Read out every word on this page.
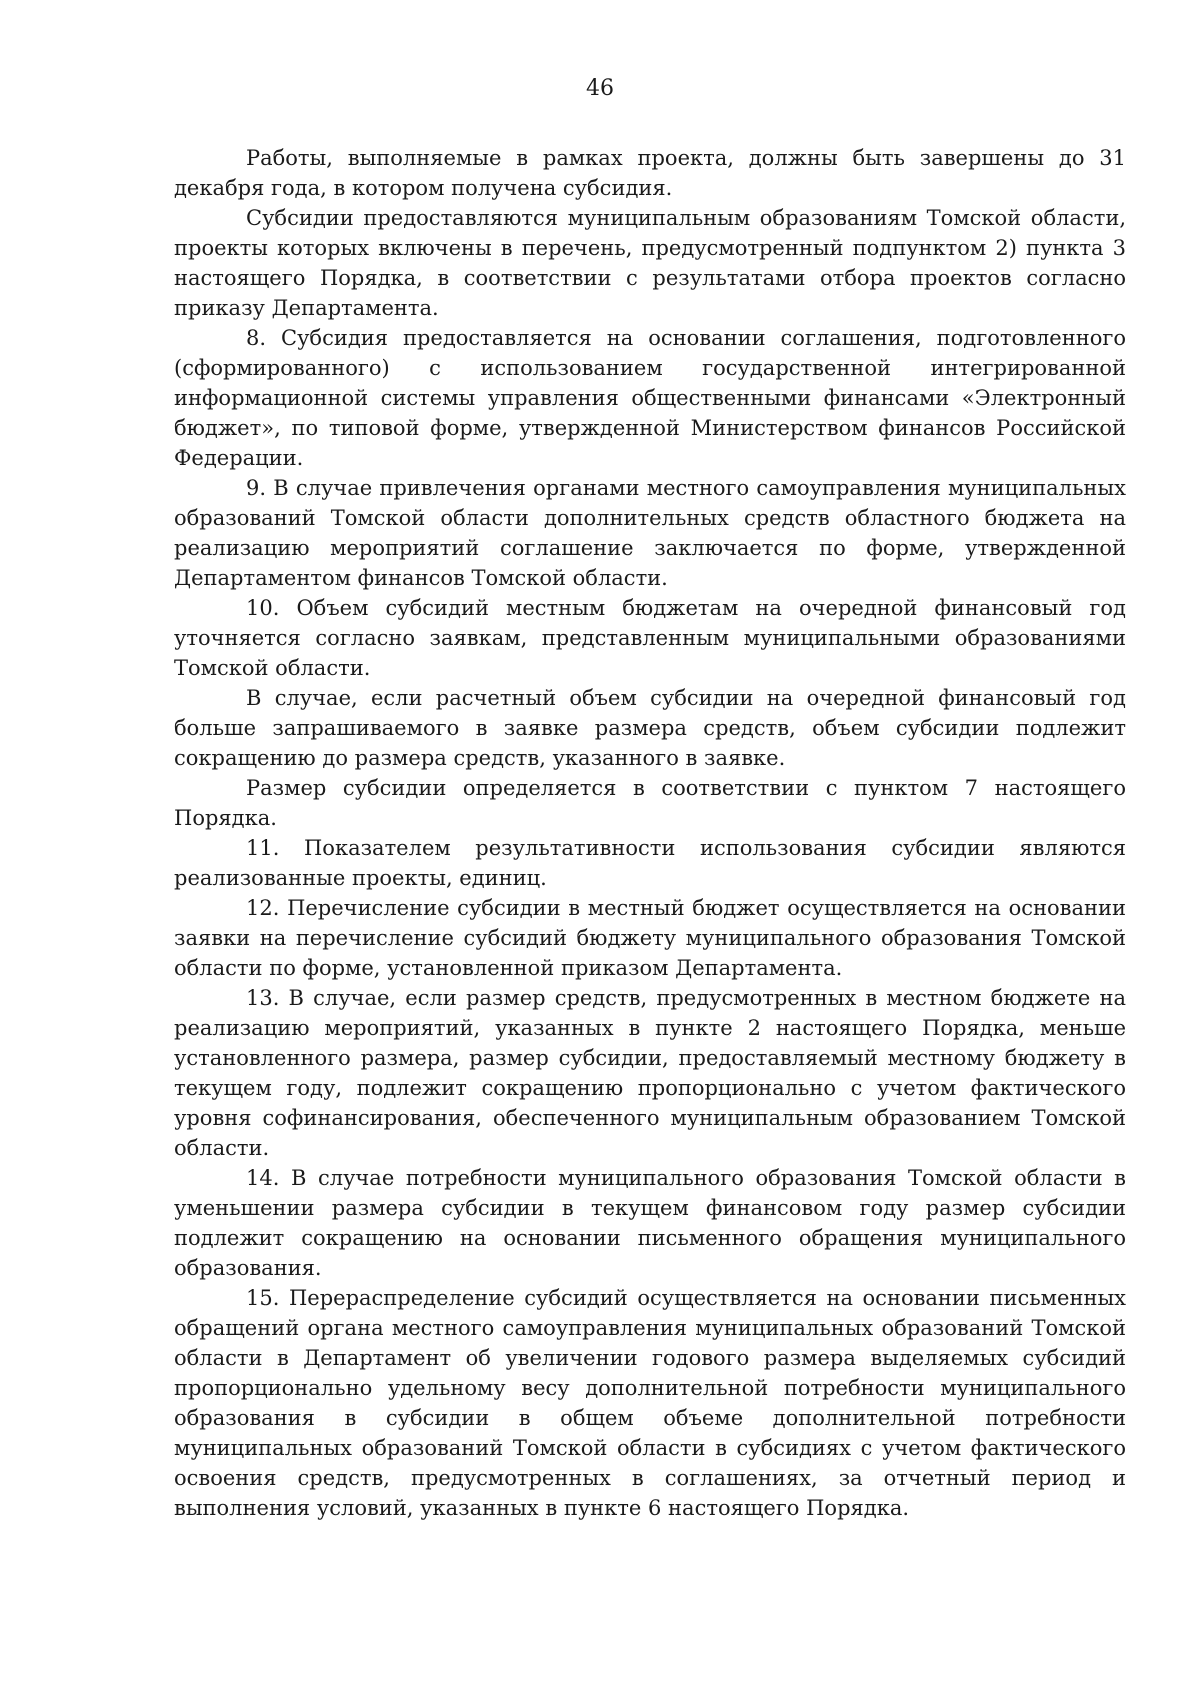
46

Работы, выполняемые в рамках проекта, должны быть завершены до 31 декабря года, в котором получена субсидия.

Субсидии предоставляются муниципальным образованиям Томской области, проекты которых включены в перечень, предусмотренный подпунктом 2) пункта 3 настоящего Порядка, в соответствии с результатами отбора проектов согласно приказу Департамента.

8. Субсидия предоставляется на основании соглашения, подготовленного (сформированного) с использованием государственной интегрированной информационной системы управления общественными финансами «Электронный бюджет», по типовой форме, утвержденной Министерством финансов Российской Федерации.

9. В случае привлечения органами местного самоуправления муниципальных образований Томской области дополнительных средств областного бюджета на реализацию мероприятий соглашение заключается по форме, утвержденной Департаментом финансов Томской области.

10. Объем субсидий местным бюджетам на очередной финансовый год уточняется согласно заявкам, представленным муниципальными образованиями Томской области.

В случае, если расчетный объем субсидии на очередной финансовый год больше запрашиваемого в заявке размера средств, объем субсидии подлежит сокращению до размера средств, указанного в заявке.

Размер субсидии определяется в соответствии с пунктом 7 настоящего Порядка.

11. Показателем результативности использования субсидии являются реализованные проекты, единиц.

12. Перечисление субсидии в местный бюджет осуществляется на основании заявки на перечисление субсидий бюджету муниципального образования Томской области по форме, установленной приказом Департамента.

13. В случае, если размер средств, предусмотренных в местном бюджете на реализацию мероприятий, указанных в пункте 2 настоящего Порядка, меньше установленного размера, размер субсидии, предоставляемый местному бюджету в текущем году, подлежит сокращению пропорционально с учетом фактического уровня софинансирования, обеспеченного муниципальным образованием Томской области.

14. В случае потребности муниципального образования Томской области в уменьшении размера субсидии в текущем финансовом году размер субсидии подлежит сокращению на основании письменного обращения муниципального образования.

15. Перераспределение субсидий осуществляется на основании письменных обращений органа местного самоуправления муниципальных образований Томской области в Департамент об увеличении годового размера выделяемых субсидий пропорционально удельному весу дополнительной потребности муниципального образования в субсидии в общем объеме дополнительной потребности муниципальных образований Томской области в субсидиях с учетом фактического освоения средств, предусмотренных в соглашениях, за отчетный период и выполнения условий, указанных в пункте 6 настоящего Порядка.
